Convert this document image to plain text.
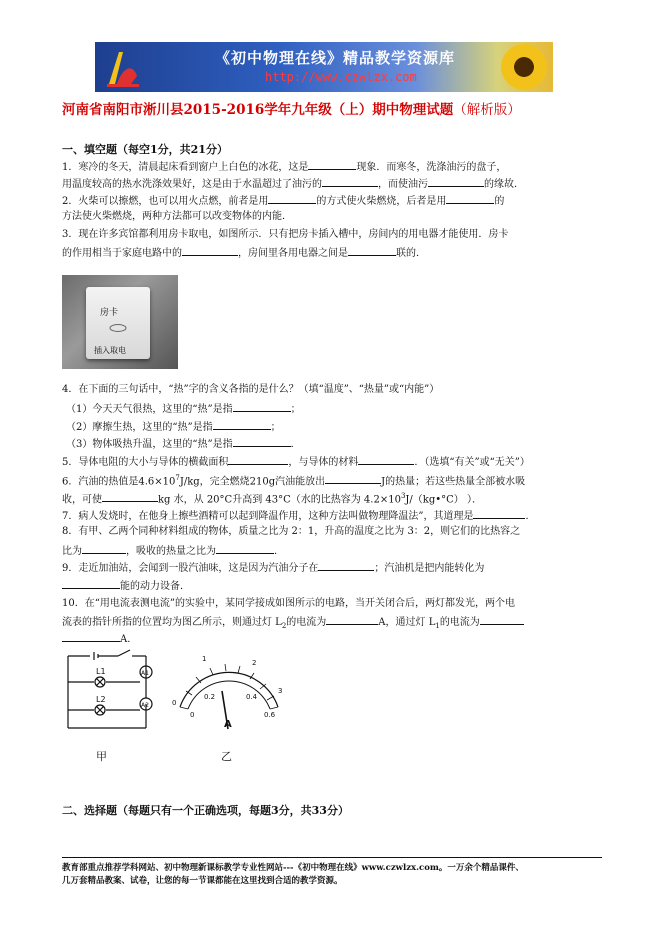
《初中物理在线》精品教学资源库
http://www.czwlzx.com
河南省南阳市淅川县2015-2016学年九年级（上）期中物理试题（解析版）
一、填空题（每空1分，共21分）
1．寒冷的冬天，清晨起床看到窗户上白色的冰花，这是	现象．而寒冬，洗涤油污的盘子，
用温度较高的热水洗涤效果好，这是由于水温超过了油污的	，而使油污	的缘故．
2．火柴可以擦燃，也可以用火点燃，前者是用	的方式使火柴燃烧，后者是用	的
方法使火柴燃烧，两种方法都可以改变物体的内能．
3．现在许多宾馆都利用房卡取电，如图所示．只有把房卡插入槽中，房间内的用电器才能使用．房卡
的作用相当于家庭电路中的	，房间里各用电器之间是	联的．
房卡
插入取电
4．在下面的三句话中，“热”字的含义各指的是什么？（填“温度”、“热量”或“内能”）
（1）今天天气很热，这里的“热”是指	；
（2）摩擦生热，这里的“热”是指	；
（3）物体吸热升温，这里的“热”是指	．
5．导体电阻的大小与导体的横截面积	，与导体的材料	．（选填“有关”或“无关”）
6．汽油的热值是$4.6\times 10^7J/kg$，完全燃烧210g汽油能放出	J的热量；若这些热量全部被水吸
收，可使	kg 水，从 20°C升高到 43°C（水的比热容为 $4.2\times 10^3J/(kg•^\circ C)$ ）．
7．病人发烧时，在他身上擦些酒精可以起到降温作用，这种方法叫做物理降温法”，其道理是	．
8．有甲、乙两个同种材料组成的物体，质量之比为 2：1，升高的温度之比为 3：2，则它们的比热容之
比为	，吸收的热量之比为	．
9．走近加油站，会闻到一股汽油味，这是因为汽油分子在	；汽油机是把内能转化为
能的动力设备．
10．在“用电流表测电流”的实验中，某同学接成如图所示的电路，当开关闭合后，两灯都发光，两个电
流表的指针所指的位置均为图乙所示，则通过灯 $L_2$的电流为	A，通过灯 $L_1$的电流为
A．
L1
L2
A1
A2
甲
0
1	2
3
0
0.2	0.4
0.6
A
乙
二、选择题（每题只有一个正确选项，每题3分，共33分）
教育部重点推荐学科网站、初中物理新课标教学专业性网站---《初中物理在线》www.czwlzx.com。一万余个精品课件、
几万套精品教案、试卷，让您的每一节课都能在这里找到合适的教学资源。
